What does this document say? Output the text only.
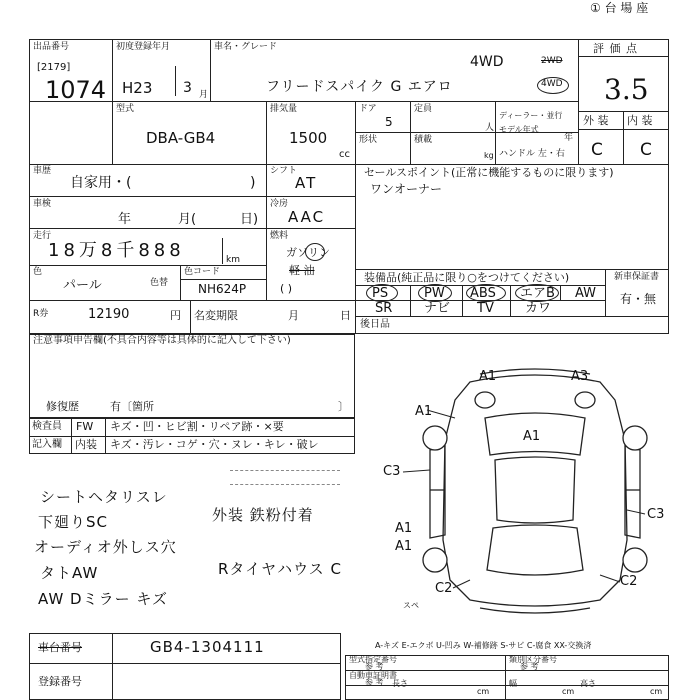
① 台 場 座
出品番号
[2179]
1074
初度登録年月
H23 3 月
車名・グレード
4WD	2WD
4WD
フリードスパイク G エアロ
評 価 点
3.5
外 装 内 装
C C
型式
DBA-GB4
排気量
1500
cc
ドア
5
定員
人
ディーラー・並行
モデル年式
年
形状	積載
kg ハンドル 左・右
車歴
自家用・(	)
シフト
AT
車検
年	月(	日)
冷房
AAC
走行
18万8千888	km
燃料
ガソリン
軽 油
( )
色
パール	色替
色コード
NH624P
R券	12190	円 名変期限	月	日
セールスポイント(正常に機能するものに限ります)
ワンオーナー
装備品(純正品に限り○をつけてください)	新車保証書
有・無
PS	PW ABS エアB AW
SR ナビ TV カワ
後日品
注意事項申告欄(不具合内容等は具体的に記入して下さい)
修復歴	有〔箇所	〕
検査員
記入欄
FW キズ・凹・ヒビ割・リペア跡・×要
内装 キズ・汚レ・コゲ・穴・ヌレ・キレ・破レ
シートヘタリスレ
下廻りSC
オーディオ外しス穴
タトAW
AW Dミラー キズ
外装 鉄粉付着
Rタイヤハウス C
A1	A3
A1
A1
C3
C3
A1
A1
C2	C2
スペ
A-キズ E-エクボ U-凹み W-補修跡 S-サビ C-腐食 XX-交換済
車台番号	GB4-1304111
登録番号
型式指定番号
参 考
類別区分番号
参 考
自動車証明書
参 考 長さ
cm
幅
cm
高さ
cm
